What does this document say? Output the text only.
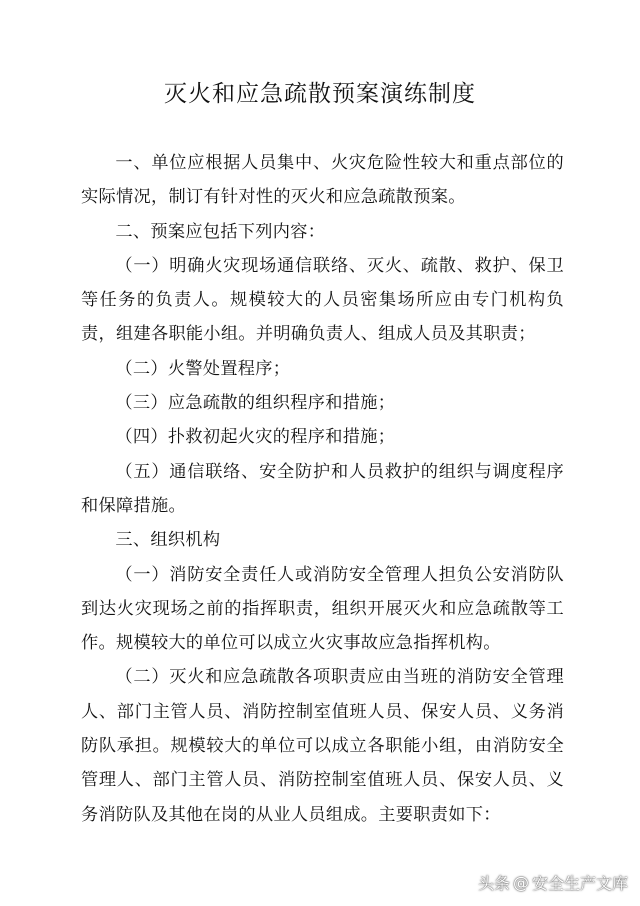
灭火和应急疏散预案演练制度

一、单位应根据人员集中、火灾危险性较大和重点部位的实际情况，制订有针对性的灭火和应急疏散预案。

二、预案应包括下列内容：

（一）明确火灾现场通信联络、灭火、疏散、救护、保卫等任务的负责人。规模较大的人员密集场所应由专门机构负责，组建各职能小组。并明确负责人、组成人员及其职责；

（二）火警处置程序；

（三）应急疏散的组织程序和措施；

（四）扑救初起火灾的程序和措施；

（五）通信联络、安全防护和人员救护的组织与调度程序和保障措施。

三、组织机构

（一）消防安全责任人或消防安全管理人担负公安消防队到达火灾现场之前的指挥职责，组织开展灭火和应急疏散等工作。规模较大的单位可以成立火灾事故应急指挥机构。

（二）灭火和应急疏散各项职责应由当班的消防安全管理人、部门主管人员、消防控制室值班人员、保安人员、义务消防队承担。规模较大的单位可以成立各职能小组，由消防安全管理人、部门主管人员、消防控制室值班人员、保安人员、义务消防队及其他在岗的从业人员组成。主要职责如下：

头条 @ 安全生产文库
